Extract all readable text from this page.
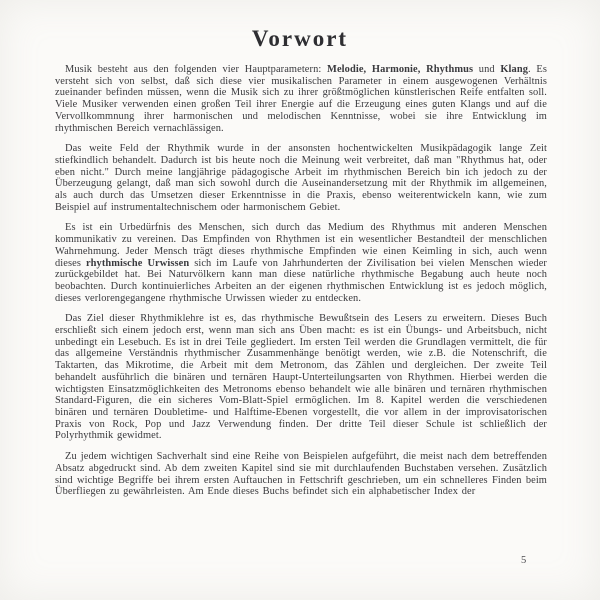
Vorwort

Musik besteht aus den folgenden vier Hauptparametern: Melodie, Harmonie, Rhythmus und Klang. Es versteht sich von selbst, daß sich diese vier musikalischen Parameter in einem ausgewogenen Verhältnis zueinander befinden müssen, wenn die Musik sich zu ihrer größtmöglichen künstlerischen Reife entfalten soll. Viele Musiker verwenden einen großen Teil ihrer Energie auf die Erzeugung eines guten Klangs und auf die Vervollkommnung ihrer harmonischen und melodischen Kenntnisse, wobei sie ihre Entwicklung im rhythmischen Bereich vernachlässigen.

Das weite Feld der Rhythmik wurde in der ansonsten hochentwickelten Musikpädagogik lange Zeit stiefkindlich behandelt. Dadurch ist bis heute noch die Meinung weit verbreitet, daß man "Rhythmus hat, oder eben nicht." Durch meine langjährige pädagogische Arbeit im rhythmischen Bereich bin ich jedoch zu der Überzeugung gelangt, daß man sich sowohl durch die Auseinandersetzung mit der Rhythmik im allgemeinen, als auch durch das Umsetzen dieser Erkenntnisse in die Praxis, ebenso weiterentwickeln kann, wie zum Beispiel auf instrumentaltechnischem oder harmonischem Gebiet.

Es ist ein Urbedürfnis des Menschen, sich durch das Medium des Rhythmus mit anderen Menschen kommunikativ zu vereinen. Das Empfinden von Rhythmen ist ein wesentlicher Bestandteil der menschlichen Wahrnehmung. Jeder Mensch trägt dieses rhythmische Empfinden wie einen Keimling in sich, auch wenn dieses rhythmische Urwissen sich im Laufe von Jahrhunderten der Zivilisation bei vielen Menschen wieder zurückgebildet hat. Bei Naturvölkern kann man diese natürliche rhythmische Begabung auch heute noch beobachten. Durch kontinuierliches Arbeiten an der eigenen rhythmischen Entwicklung ist es jedoch möglich, dieses verlorengegangene rhythmische Urwissen wieder zu entdecken.

Das Ziel dieser Rhythmiklehre ist es, das rhythmische Bewußtsein des Lesers zu erweitern. Dieses Buch erschließt sich einem jedoch erst, wenn man sich ans Üben macht: es ist ein Übungs- und Arbeitsbuch, nicht unbedingt ein Lesebuch. Es ist in drei Teile gegliedert. Im ersten Teil werden die Grundlagen vermittelt, die für das allgemeine Verständnis rhythmischer Zusammenhänge benötigt werden, wie z.B. die Notenschrift, die Taktarten, das Mikrotime, die Arbeit mit dem Metronom, das Zählen und dergleichen. Der zweite Teil behandelt ausführlich die binären und ternären Haupt-Unterteilungsarten von Rhythmen. Hierbei werden die wichtigsten Einsatzmöglichkeiten des Metronoms ebenso behandelt wie alle binären und ternären rhythmischen Standard-Figuren, die ein sicheres Vom-Blatt-Spiel ermöglichen. Im 8. Kapitel werden die verschiedenen binären und ternären Doubletime- und Halftime-Ebenen vorgestellt, die vor allem in der improvisatorischen Praxis von Rock, Pop und Jazz Verwendung finden. Der dritte Teil dieser Schule ist schließlich der Polyrhythmik gewidmet.

Zu jedem wichtigen Sachverhalt sind eine Reihe von Beispielen aufgeführt, die meist nach dem betreffenden Absatz abgedruckt sind. Ab dem zweiten Kapitel sind sie mit durchlaufenden Buchstaben versehen. Zusätzlich sind wichtige Begriffe bei ihrem ersten Auftauchen in Fettschrift geschrieben, um ein schnelleres Finden beim Überfliegen zu gewährleisten. Am Ende dieses Buchs befindet sich ein alphabetischer Index der

5
